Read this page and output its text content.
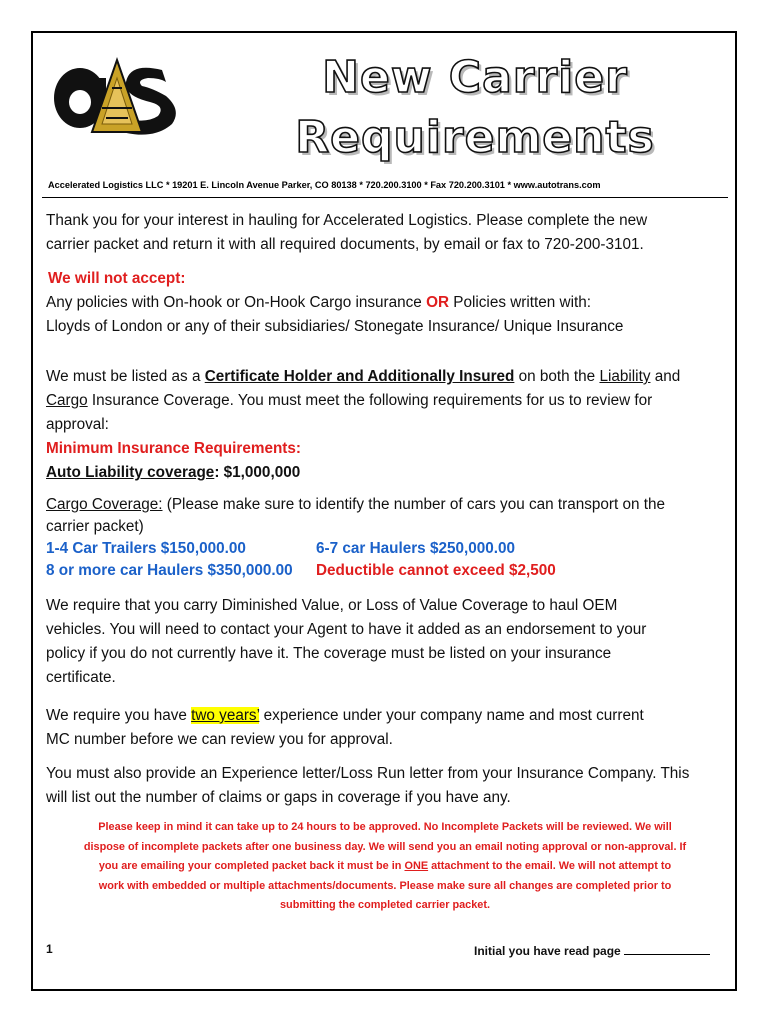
New Carrier
Requirements
Accelerated Logistics LLC * 19201 E. Lincoln Avenue Parker, CO 80138 * 720.200.3100 * Fax 720.200.3101 * www.autotrans.com
Thank you for your interest in hauling for Accelerated Logistics. Please complete the new
carrier packet and return it with all required documents, by email or fax to 720-200-3101.
We will not accept:
Any policies with On-hook or On-Hook Cargo insurance OR Policies written with:
Lloyds of London or any of their subsidiaries/ Stonegate Insurance/ Unique Insurance
We must be listed as a Certificate Holder and Additionally Insured on both the Liability and
Cargo Insurance Coverage. You must meet the following requirements for us to review for
approval:
Minimum Insurance Requirements:
Auto Liability coverage: $1,000,000
Cargo Coverage: (Please make sure to identify the number of cars you can transport on the
carrier packet)
1-4 Car Trailers $150,000.00	6-7 car Haulers $250,000.00
8 or more car Haulers $350,000.00 Deductible cannot exceed $2,500
We require that you carry Diminished Value, or Loss of Value Coverage to haul OEM
vehicles. You will need to contact your Agent to have it added as an endorsement to your
policy if you do not currently have it. The coverage must be listed on your insurance
certificate.
We require you have two years’ experience under your company name and most current
MC number before we can review you for approval.
You must also provide an Experience letter/Loss Run letter from your Insurance Company. This
will list out the number of claims or gaps in coverage if you have any.
Please keep in mind it can take up to 24 hours to be approved. No Incomplete Packets will be reviewed. We will
dispose of incomplete packets after one business day. We will send you an email noting approval or non-approval. If
you are emailing your completed packet back it must be in ONE attachment to the email. We will not attempt to
work with embedded or multiple attachments/documents. Please make sure all changes are completed prior to
submitting the completed carrier packet.
1	Initial you have read page
